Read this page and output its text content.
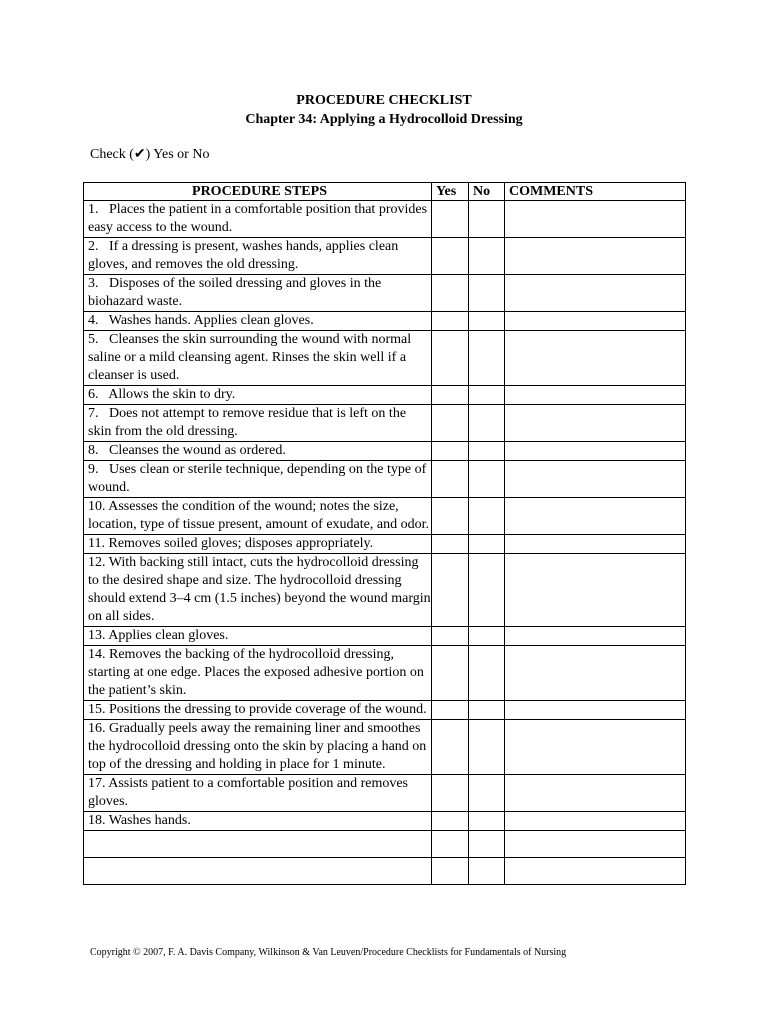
PROCEDURE CHECKLIST
Chapter 34: Applying a Hydrocolloid Dressing
Check (✔) Yes or No
PROCEDURE STEPS	Yes	No	COMMENTS
1.   Places the patient in a comfortable position that provides easy access to the wound.			
2.   If a dressing is present, washes hands, applies clean gloves, and removes the old dressing.			
3.   Disposes of the soiled dressing and gloves in the biohazard waste.			
4.   Washes hands. Applies clean gloves.			
5.   Cleanses the skin surrounding the wound with normal saline or a mild cleansing agent. Rinses the skin well if a cleanser is used.			
6.   Allows the skin to dry.			
7.   Does not attempt to remove residue that is left on the skin from the old dressing.			
8.   Cleanses the wound as ordered.			
9.   Uses clean or sterile technique, depending on the type of wound.			
10. Assesses the condition of the wound; notes the size, location, type of tissue present, amount of exudate, and odor.			
11. Removes soiled gloves; disposes appropriately.			
12. With backing still intact, cuts the hydrocolloid dressing to the desired shape and size. The hydrocolloid dressing should extend 3–4 cm (1.5 inches) beyond the wound margin on all sides.			
13. Applies clean gloves.			
14. Removes the backing of the hydrocolloid dressing, starting at one edge. Places the exposed adhesive portion on the patient’s skin.			
15. Positions the dressing to provide coverage of the wound.			
16. Gradually peels away the remaining liner and smoothes the hydrocolloid dressing onto the skin by placing a hand on top of the dressing and holding in place for 1 minute.			
17. Assists patient to a comfortable position and removes gloves.			
18. Washes hands.			

Copyright © 2007, F. A. Davis Company, Wilkinson & Van Leuven/Procedure Checklists for Fundamentals of Nursing
